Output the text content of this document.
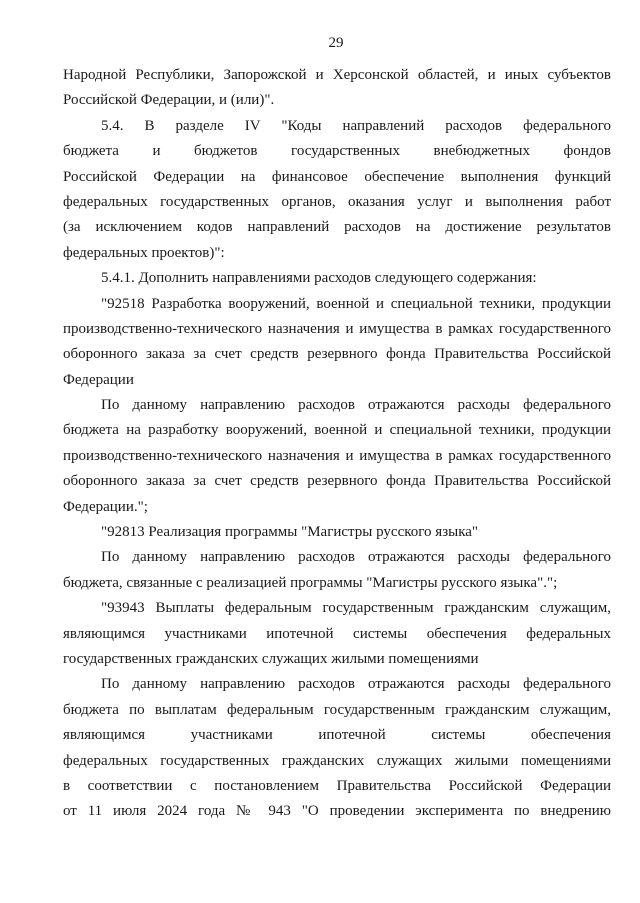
29
Народной Республики, Запорожской и Херсонской областей, и иных субъектов
Российской Федерации, и (или)".
5.4. В разделе IV "Коды направлений расходов федерального
бюджета и бюджетов государственных внебюджетных фондов
Российской Федерации на финансовое обеспечение выполнения функций
федеральных государственных органов, оказания услуг и выполнения работ
(за исключением кодов направлений расходов на достижение результатов
федеральных проектов)":
5.4.1. Дополнить направлениями расходов следующего содержания:
"92518 Разработка вооружений, военной и специальной техники, продукции
производственно-технического назначения и имущества в рамках государственного
оборонного заказа за счет средств резервного фонда Правительства Российской
Федерации
По данному направлению расходов отражаются расходы федерального
бюджета на разработку вооружений, военной и специальной техники, продукции
производственно-технического назначения и имущества в рамках государственного
оборонного заказа за счет средств резервного фонда Правительства Российской
Федерации.";
"92813 Реализация программы "Магистры русского языка"
По данному направлению расходов отражаются расходы федерального
бюджета, связанные с реализацией программы "Магистры русского языка".";
"93943 Выплаты федеральным государственным гражданским служащим,
являющимся участниками ипотечной системы обеспечения федеральных
государственных гражданских служащих жилыми помещениями
По данному направлению расходов отражаются расходы федерального
бюджета по выплатам федеральным государственным гражданским служащим,
являющимся участниками ипотечной системы обеспечения
федеральных государственных гражданских служащих жилыми помещениями
в соответствии с постановлением Правительства Российской Федерации
от 11 июля 2024 года № 943 "О проведении эксперимента по внедрению
